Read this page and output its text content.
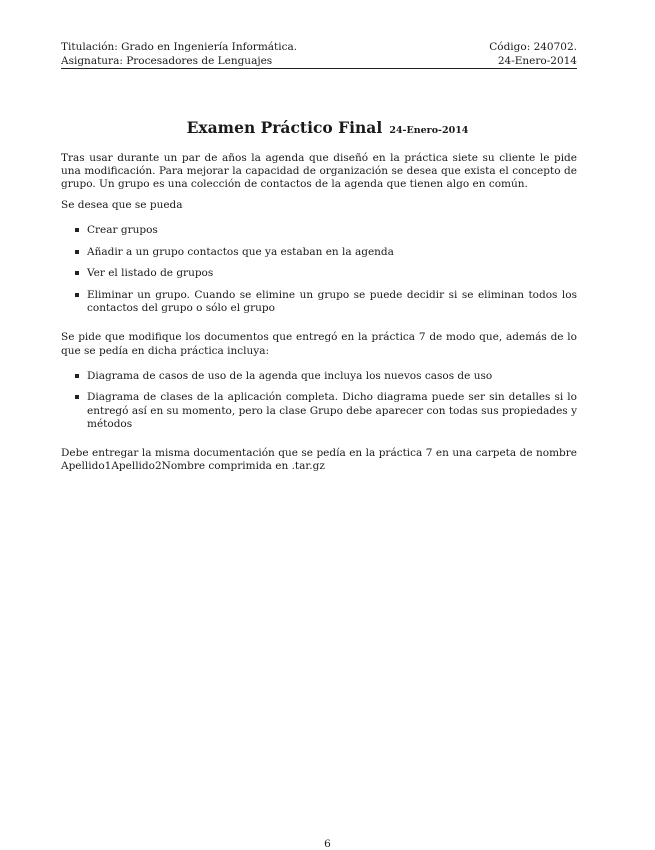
Titulación: Grado en Ingeniería Informática.	Código: 240702.
Asignatura: Procesadores de Lenguajes	24-Enero-2014
Examen Práctico Final 24-Enero-2014

Tras usar durante un par de años la agenda que diseñó en la práctica siete su cliente le pide una modificación. Para mejorar la capacidad de organización se desea que exista el concepto de grupo. Un grupo es una colección de contactos de la agenda que tienen algo en común.

Se desea que se pueda

Crear grupos
Añadir a un grupo contactos que ya estaban en la agenda
Ver el listado de grupos
Eliminar un grupo. Cuando se elimine un grupo se puede decidir si se eliminan todos los contactos del grupo o sólo el grupo

Se pide que modifique los documentos que entregó en la práctica 7 de modo que, además de lo que se pedía en dicha práctica incluya:

Diagrama de casos de uso de la agenda que incluya los nuevos casos de uso
Diagrama de clases de la aplicación completa. Dicho diagrama puede ser sin detalles si lo entregó así en su momento, pero la clase Grupo debe aparecer con todas sus propiedades y métodos

Debe entregar la misma documentación que se pedía en la práctica 7 en una carpeta de nombre Apellido1Apellido2Nombre comprimida en .tar.gz

6
